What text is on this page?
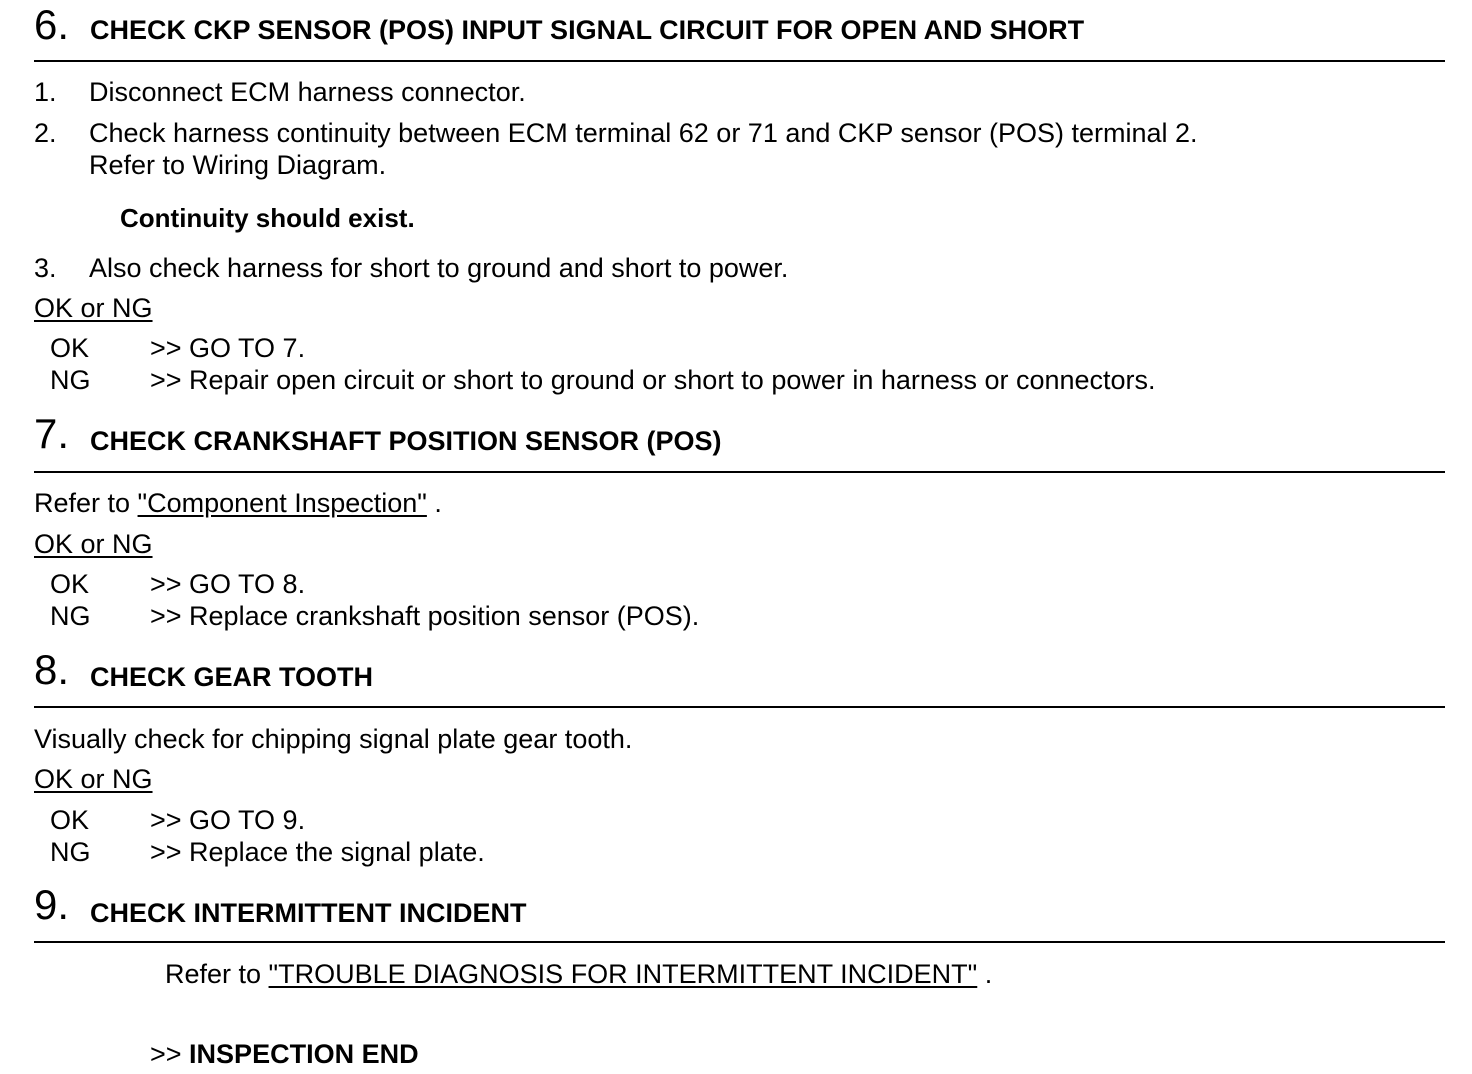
6. CHECK CKP SENSOR (POS) INPUT SIGNAL CIRCUIT FOR OPEN AND SHORT
1. Disconnect ECM harness connector.
2. Check harness continuity between ECM terminal 62 or 71 and CKP sensor (POS) terminal 2.
Refer to Wiring Diagram.
Continuity should exist.
3. Also check harness for short to ground and short to power.
OK or NG
OK >> GO TO 7.
NG >> Repair open circuit or short to ground or short to power in harness or connectors.
7. CHECK CRANKSHAFT POSITION SENSOR (POS)
Refer to "Component Inspection" .
OK or NG
OK >> GO TO 8.
NG >> Replace crankshaft position sensor (POS).
8. CHECK GEAR TOOTH
Visually check for chipping signal plate gear tooth.
OK or NG
OK >> GO TO 9.
NG >> Replace the signal plate.
9. CHECK INTERMITTENT INCIDENT
Refer to "TROUBLE DIAGNOSIS FOR INTERMITTENT INCIDENT" .
>> INSPECTION END
